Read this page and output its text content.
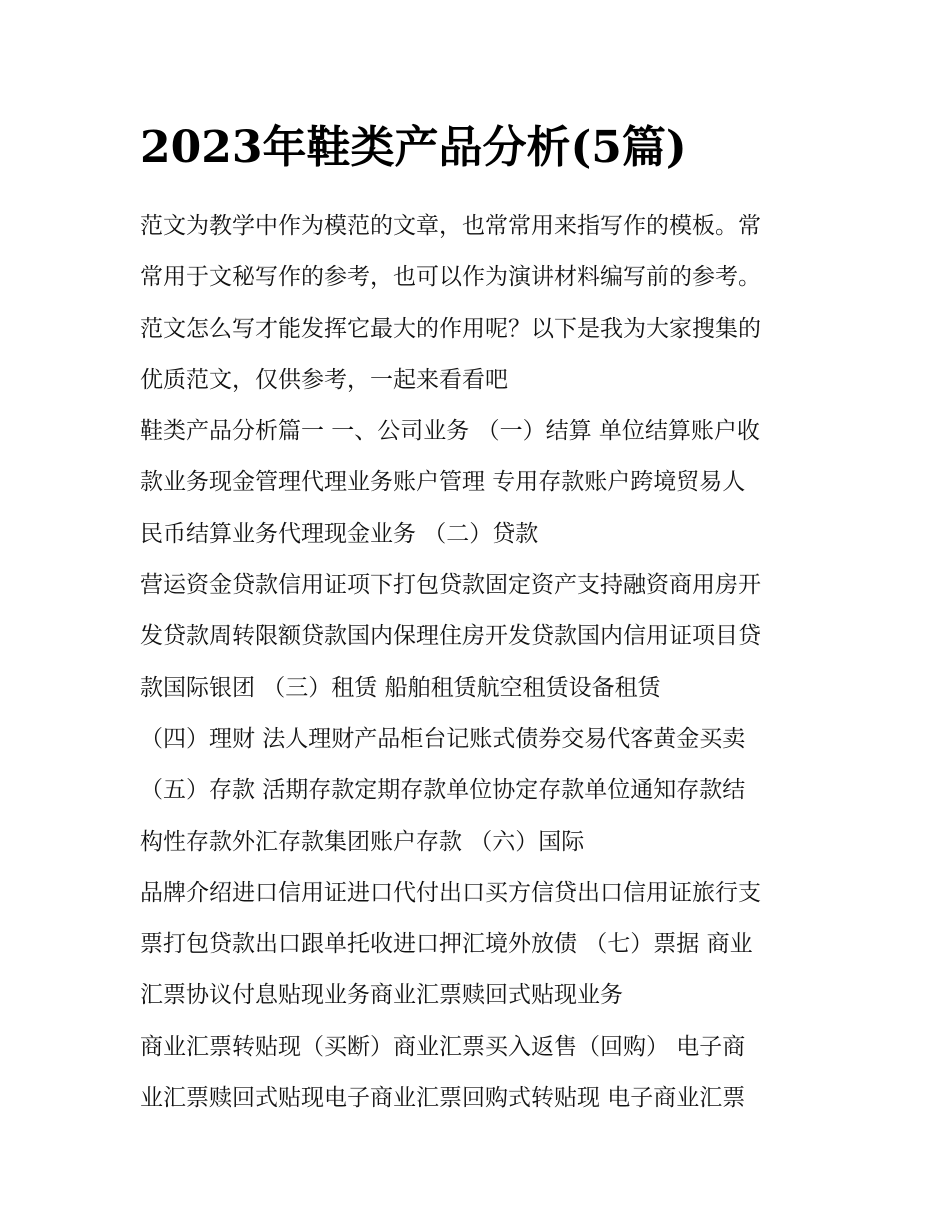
2023年鞋类产品分析(5篇)
范文为教学中作为模范的文章，也常常用来指写作的模板。常
常用于文秘写作的参考，也可以作为演讲材料编写前的参考。
范文怎么写才能发挥它最大的作用呢？以下是我为大家搜集的
优质范文，仅供参考，一起来看看吧
鞋类产品分析篇一 一、公司业务 （一）结算 单位结算账户收
款业务现金管理代理业务账户管理 专用存款账户跨境贸易人
民币结算业务代理现金业务 （二）贷款
营运资金贷款信用证项下打包贷款固定资产支持融资商用房开
发贷款周转限额贷款国内保理住房开发贷款国内信用证项目贷
款国际银团 （三）租赁 船舶租赁航空租赁设备租赁
（四）理财 法人理财产品柜台记账式债券交易代客黄金买卖
（五）存款 活期存款定期存款单位协定存款单位通知存款结
构性存款外汇存款集团账户存款 （六）国际
品牌介绍进口信用证进口代付出口买方信贷出口信用证旅行支
票打包贷款出口跟单托收进口押汇境外放债 （七）票据 商业
汇票协议付息贴现业务商业汇票赎回式贴现业务
商业汇票转贴现（买断）商业汇票买入返售（回购） 电子商
业汇票赎回式贴现电子商业汇票回购式转贴现 电子商业汇票
